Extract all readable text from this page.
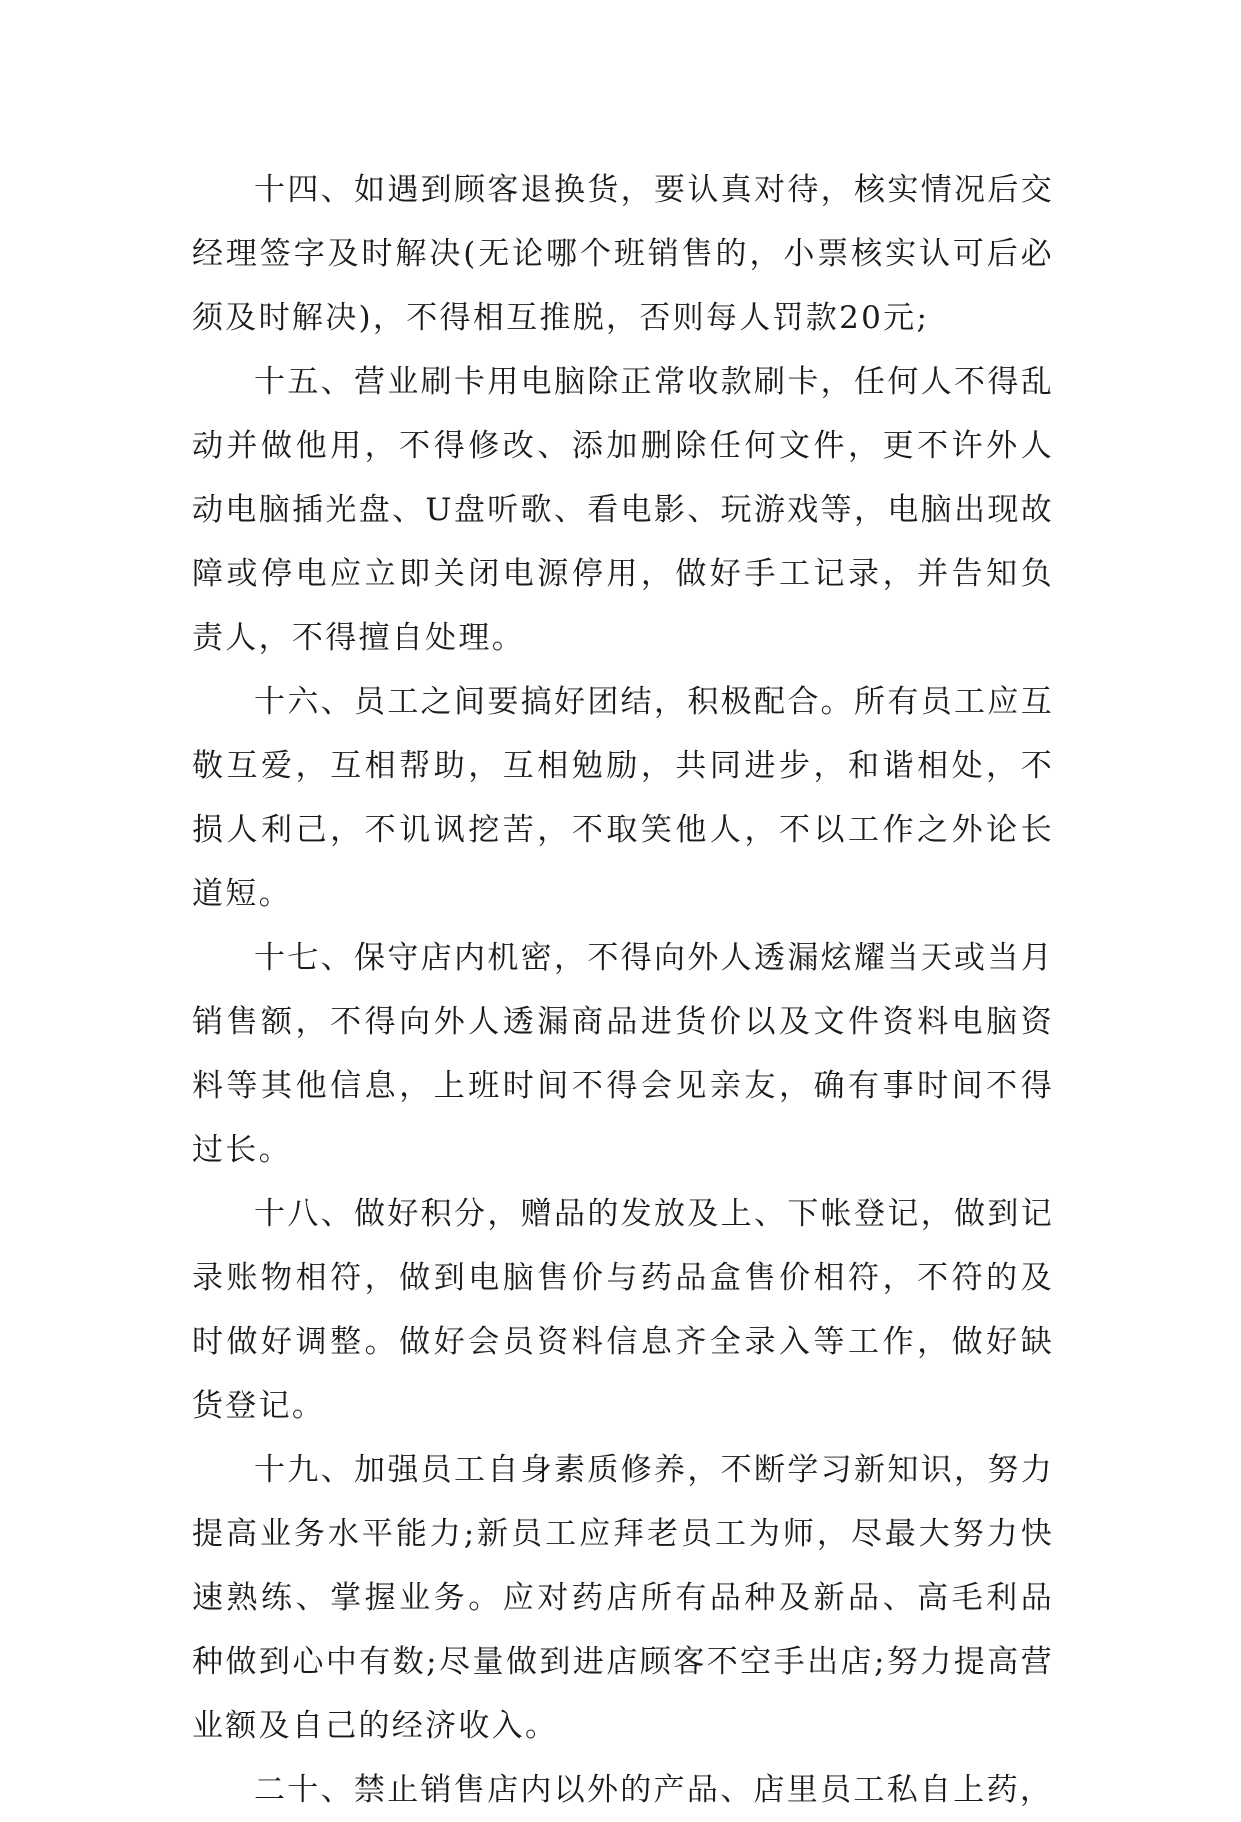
十四、如遇到顾客退换货，要认真对待，核实情况后交经理签字及时解决(无论哪个班销售的，小票核实认可后必须及时解决)，不得相互推脱，否则每人罚款20元;

十五、营业刷卡用电脑除正常收款刷卡，任何人不得乱动并做他用，不得修改、添加删除任何文件，更不许外人动电脑插光盘、U盘听歌、看电影、玩游戏等，电脑出现故障或停电应立即关闭电源停用，做好手工记录，并告知负责人，不得擅自处理。

十六、员工之间要搞好团结，积极配合。所有员工应互敬互爱，互相帮助，互相勉励，共同进步，和谐相处，不损人利己，不讥讽挖苦，不取笑他人，不以工作之外论长道短。

十七、保守店内机密，不得向外人透漏炫耀当天或当月销售额，不得向外人透漏商品进货价以及文件资料电脑资料等其他信息，上班时间不得会见亲友，确有事时间不得过长。

十八、做好积分，赠品的发放及上、下帐登记，做到记录账物相符，做到电脑售价与药品盒售价相符，不符的及时做好调整。做好会员资料信息齐全录入等工作，做好缺货登记。

十九、加强员工自身素质修养，不断学习新知识，努力提高业务水平能力;新员工应拜老员工为师，尽最大努力快速熟练、掌握业务。应对药店所有品种及新品、高毛利品种做到心中有数;尽量做到进店顾客不空手出店;努力提高营业额及自己的经济收入。

二十、禁止销售店内以外的产品、店里员工私自上药，
